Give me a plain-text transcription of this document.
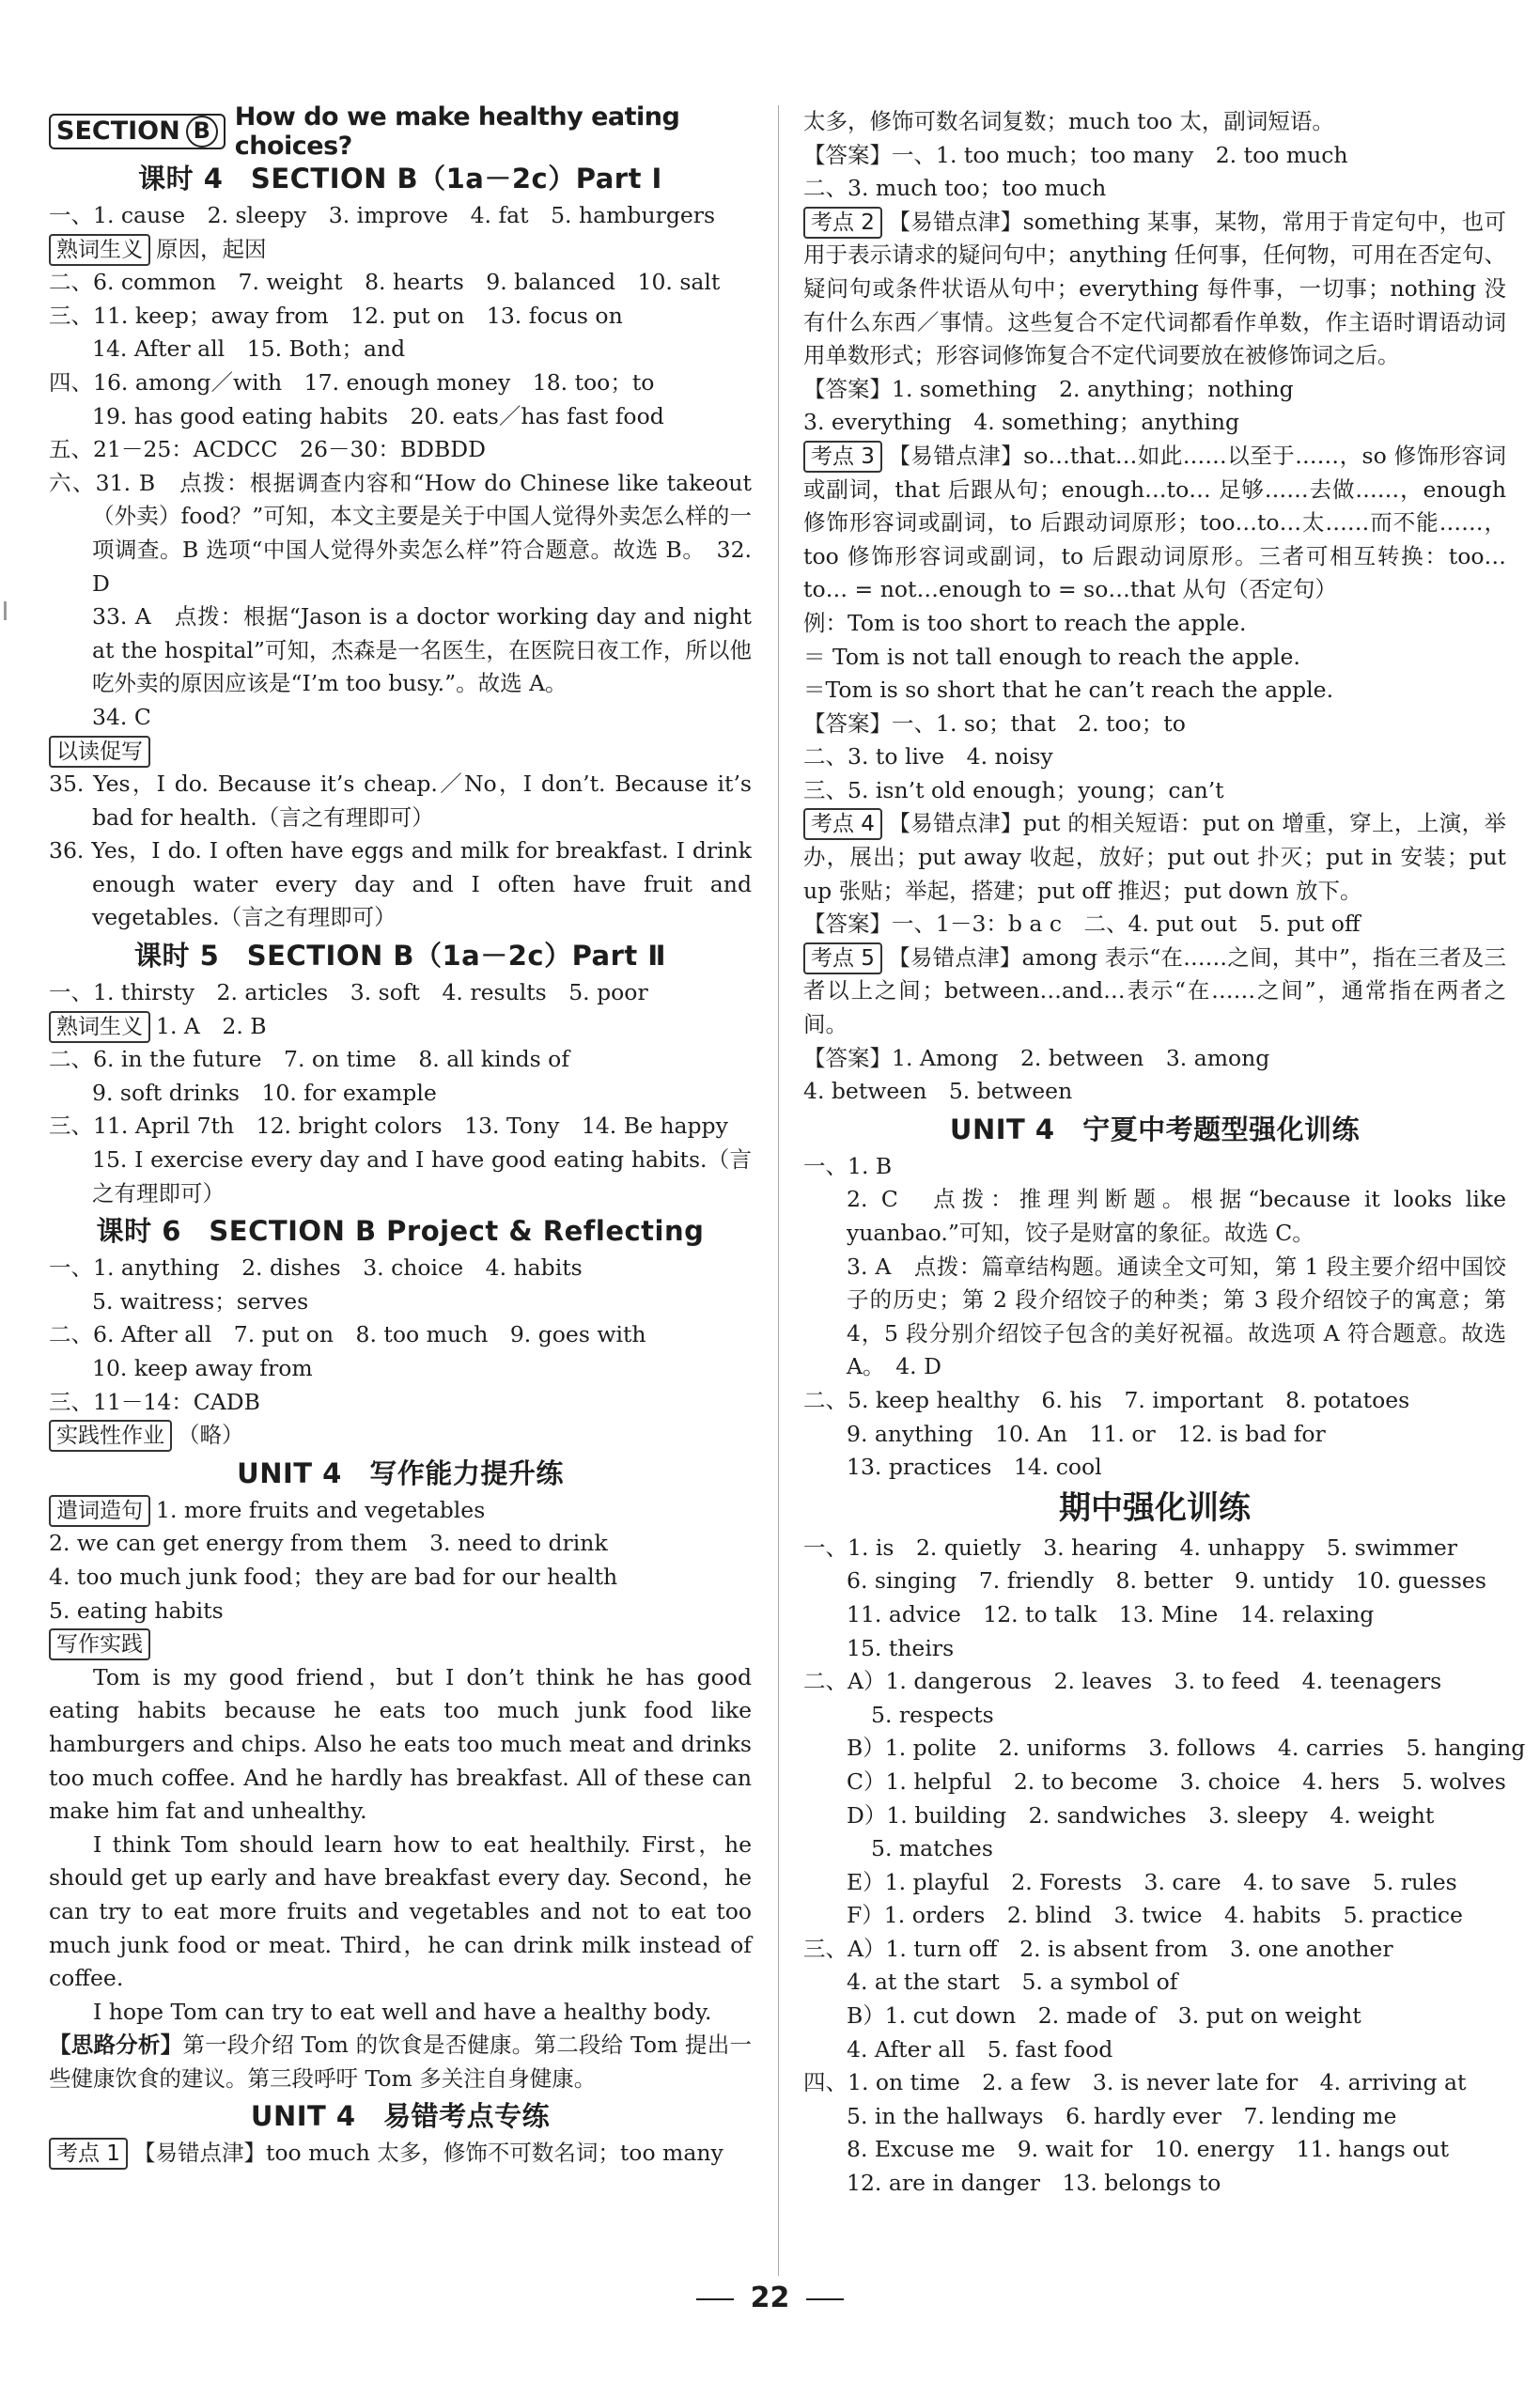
SECTION B How do we make healthy eating choices?
课时 4　SECTION B（1a－2c）Part Ⅰ
一、1. cause　2. sleepy　3. improve　4. fat　5. hamburgers
熟词生义 原因，起因
二、6. common　7. weight　8. hearts　9. balanced　10. salt
三、11. keep；away from　12. put on　13. focus on
14. After all　15. Both；and
四、16. among／with　17. enough money　18. too；to
19. has good eating habits　20. eats／has fast food
五、21－25：ACDCC　26－30：BDBDD
六、31. B　点拨：根据调查内容和“How do Chinese like takeout（外卖）food？”可知，本文主要是关于中国人觉得外卖怎么样的一项调查。B 选项“中国人觉得外卖怎么样”符合题意。故选 B。　32. D
33. A　点拨：根据“Jason is a doctor working day and night at the hospital”可知，杰森是一名医生，在医院日夜工作，所以他吃外卖的原因应该是“I’m too busy.”。故选 A。
34. C
以读促写
35. Yes，I do. Because it’s cheap.／No，I don’t. Because it’s bad for health.（言之有理即可）
36. Yes，I do. I often have eggs and milk for breakfast. I drink enough water every day and I often have fruit and vegetables.（言之有理即可）
课时 5　SECTION B（1a－2c）Part Ⅱ
一、1. thirsty　2. articles　3. soft　4. results　5. poor
熟词生义 1. A　2. B
二、6. in the future　7. on time　8. all kinds of
9. soft drinks　10. for example
三、11. April 7th　12. bright colors　13. Tony　14. Be happy
15. I exercise every day and I have good eating habits.（言之有理即可）
课时 6　SECTION B Project & Reflecting
一、1. anything　2. dishes　3. choice　4. habits
5. waitress；serves
二、6. After all　7. put on　8. too much　9. goes with
10. keep away from
三、11－14：CADB
实践性作业 （略）
UNIT 4　写作能力提升练
遣词造句 1. more fruits and vegetables
2. we can get energy from them　3. need to drink
4. too much junk food；they are bad for our health
5. eating habits
写作实践
Tom is my good friend，but I don’t think he has good eating habits because he eats too much junk food like hamburgers and chips. Also he eats too much meat and drinks too much coffee. And he hardly has breakfast. All of these can make him fat and unhealthy.
I think Tom should learn how to eat healthily. First，he should get up early and have breakfast every day. Second，he can try to eat more fruits and vegetables and not to eat too much junk food or meat. Third，he can drink milk instead of coffee.
I hope Tom can try to eat well and have a healthy body.
【思路分析】第一段介绍 Tom 的饮食是否健康。第二段给 Tom 提出一些健康饮食的建议。第三段呼吁 Tom 多关注自身健康。
UNIT 4　易错考点专练
考点 1 【易错点津】too much 太多，修饰不可数名词；too many
太多，修饰可数名词复数；much too 太，副词短语。
【答案】一、1. too much；too many　2. too much
二、3. much too；too much
考点 2 【易错点津】something 某事，某物，常用于肯定句中，也可用于表示请求的疑问句中；anything 任何事，任何物，可用在否定句、疑问句或条件状语从句中；everything 每件事，一切事；nothing 没有什么东西／事情。这些复合不定代词都看作单数，作主语时谓语动词用单数形式；形容词修饰复合不定代词要放在被修饰词之后。
【答案】1. something　2. anything；nothing
3. everything　4. something；anything
考点 3 【易错点津】so…that…如此……以至于……，so 修饰形容词或副词，that 后跟从句；enough…to… 足够……去做……，enough 修饰形容词或副词，to 后跟动词原形；too…to…太……而不能……，too 修饰形容词或副词，to 后跟动词原形。三者可相互转换：too…to… = not…enough to = so…that 从句（否定句）
例：Tom is too short to reach the apple.
＝ Tom is not tall enough to reach the apple.
＝Tom is so short that he can’t reach the apple.
【答案】一、1. so；that　2. too；to
二、3. to live　4. noisy
三、5. isn’t old enough；young；can’t
考点 4 【易错点津】put 的相关短语：put on 增重，穿上，上演，举办，展出；put away 收起，放好；put out 扑灭；put in 安装；put up 张贴；举起，搭建；put off 推迟；put down 放下。
【答案】一、1－3：b a c　二、4. put out　5. put off
考点 5 【易错点津】among 表示“在……之间，其中”，指在三者及三者以上之间；between…and…表示“在……之间”，通常指在两者之间。
【答案】1. Among　2. between　3. among
4. between　5. between
UNIT 4　宁夏中考题型强化训练
一、1. B
2. C　点拨：推理判断题。根据“because it looks like yuanbao.”可知，饺子是财富的象征。故选 C。
3. A　点拨：篇章结构题。通读全文可知，第 1 段主要介绍中国饺子的历史；第 2 段介绍饺子的种类；第 3 段介绍饺子的寓意；第 4，5 段分别介绍饺子包含的美好祝福。故选项 A 符合题意。故选 A。　4. D
二、5. keep healthy　6. his　7. important　8. potatoes
9. anything　10. An　11. or　12. is bad for
13. practices　14. cool
期中强化训练
一、1. is　2. quietly　3. hearing　4. unhappy　5. swimmer
6. singing　7. friendly　8. better　9. untidy　10. guesses
11. advice　12. to talk　13. Mine　14. relaxing
15. theirs
二、A）1. dangerous　2. leaves　3. to feed　4. teenagers
5. respects
B）1. polite　2. uniforms　3. follows　4. carries　5. hanging
C）1. helpful　2. to become　3. choice　4. hers　5. wolves
D）1. building　2. sandwiches　3. sleepy　4. weight
5. matches
E）1. playful　2. Forests　3. care　4. to save　5. rules
F）1. orders　2. blind　3. twice　4. habits　5. practice
三、A）1. turn off　2. is absent from　3. one another
4. at the start　5. a symbol of
B）1. cut down　2. made of　3. put on weight
4. After all　5. fast food
四、1. on time　2. a few　3. is never late for　4. arriving at
5. in the hallways　6. hardly ever　7. lending me
8. Excuse me　9. wait for　10. energy　11. hangs out
12. are in danger　13. belongs to
22
